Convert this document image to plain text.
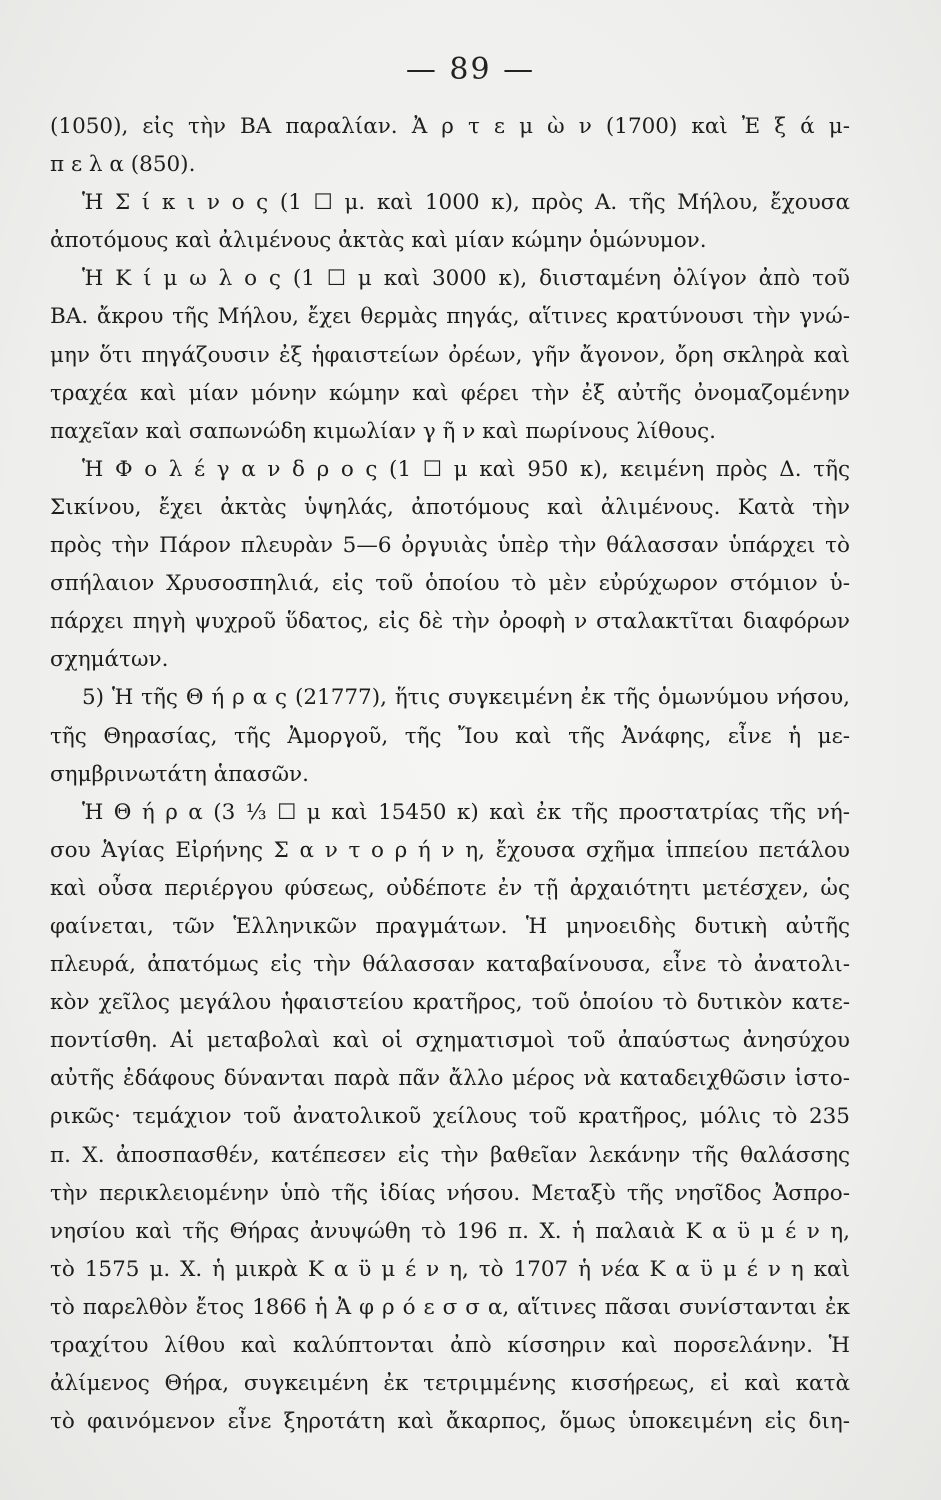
— 89 —
(1050), εἰς τὴν ΒΑ παραλίαν. Ἀ ρ τ ε μ ὼ ν (1700) καὶ Ἐ ξ ά μ-
π ε λ α (850).
Ἡ Σ ί κ ι ν ο ς (1 ☐ μ. καὶ 1000 κ), πρὸς Α. τῆς Μήλου, ἔχουσα
ἀποτόμους καὶ ἀλιμένους ἀκτὰς καὶ μίαν κώμην ὁμώνυμον.
Ἡ Κ ί μ ω λ ο ς (1 ☐ μ καὶ 3000 κ), διισταμένη ὀλίγον ἀπὸ τοῦ
ΒΑ. ἄκρου τῆς Μήλου, ἔχει θερμὰς πηγάς, αἵτινες κρατύνουσι τὴν γνώ-
μην ὅτι πηγάζουσιν ἐξ ἡφαιστείων ὀρέων, γῆν ἄγονον, ὄρη σκληρὰ καὶ
τραχέα καὶ μίαν μόνην κώμην καὶ φέρει τὴν ἐξ αὐτῆς ὀνομαζομένην
παχεῖαν καὶ σαπωνώδη κιμωλίαν γ ῆ ν καὶ πωρίνους λίθους.
Ἡ Φ ο λ έ γ α ν δ ρ ο ς (1 ☐ μ καὶ 950 κ), κειμένη πρὸς Δ. τῆς
Σικίνου, ἔχει ἀκτὰς ὑψηλάς, ἀποτόμους καὶ ἀλιμένους. Κατὰ τὴν
πρὸς τὴν Πάρον πλευρὰν 5—6 ὀργυιὰς ὑπὲρ τὴν θάλασσαν ὑπάρχει τὸ
σπήλαιον Χρυσοσπηλιά, εἰς τοῦ ὁποίου τὸ μὲν εὐρύχωρον στόμιον ὑ-
πάρχει πηγὴ ψυχροῦ ὕδατος, εἰς δὲ τὴν ὀροφὴ ν σταλακτῖται διαφόρων
σχημάτων.
5) Ἡ τῆς Θ ή ρ α ς (21777), ἥτις συγκειμένη ἐκ τῆς ὁμωνύμου νήσου,
τῆς Θηρασίας, τῆς Ἀμοργοῦ, τῆς Ἴου καὶ τῆς Ἀνάφης, εἶνε ἡ με-
σημβρινωτάτη ἁπασῶν.
Ἡ Θ ή ρ α (3 ⅓ ☐ μ καὶ 15450 κ) καὶ ἐκ τῆς προστατρίας τῆς νή-
σου Ἁγίας Εἰρήνης Σ α ν τ ο ρ ή ν η, ἔχουσα σχῆμα ἱππείου πετάλου
καὶ οὖσα περιέργου φύσεως, οὐδέποτε ἐν τῇ ἀρχαιότητι μετέσχεν, ὡς
φαίνεται, τῶν Ἑλληνικῶν πραγμάτων. Ἡ μηνοειδὴς δυτικὴ αὐτῆς
πλευρά, ἀπατόμως εἰς τὴν θάλασσαν καταβαίνουσα, εἶνε τὸ ἀνατολι-
κὸν χεῖλος μεγάλου ἡφαιστείου κρατῆρος, τοῦ ὁποίου τὸ δυτικὸν κατε-
ποντίσθη. Αἱ μεταβολαὶ καὶ οἱ σχηματισμοὶ τοῦ ἀπαύστως ἀνησύχου
αὐτῆς ἐδάφους δύνανται παρὰ πᾶν ἄλλο μέρος νὰ καταδειχθῶσιν ἱστο-
ρικῶς· τεμάχιον τοῦ ἀνατολικοῦ χείλους τοῦ κρατῆρος, μόλις τὸ 235
π. Χ. ἀποσπασθέν, κατέπεσεν εἰς τὴν βαθεῖαν λεκάνην τῆς θαλάσσης
τὴν περικλειομένην ὑπὸ τῆς ἰδίας νήσου. Μεταξὺ τῆς νησῖδος Ἀσπρο-
νησίου καὶ τῆς Θήρας ἀνυψώθη τὸ 196 π. Χ. ἡ παλαιὰ Κ α ϋ μ έ ν η,
τὸ 1575 μ. Χ. ἡ μικρὰ Κ α ϋ μ έ ν η, τὸ 1707 ἡ νέα Κ α ϋ μ έ ν η καὶ
τὸ παρελθὸν ἔτος 1866 ἡ Ἀ φ ρ ό ε σ σ α, αἵτινες πᾶσαι συνίστανται ἐκ
τραχίτου λίθου καὶ καλύπτονται ἀπὸ κίσσηριν καὶ πορσελάνην. Ἡ
ἀλίμενος Θήρα, συγκειμένη ἐκ τετριμμένης κισσήρεως, εἰ καὶ κατὰ
τὸ φαινόμενον εἶνε ξηροτάτη καὶ ἄκαρπος, ὅμως ὑποκειμένη εἰς διη-
